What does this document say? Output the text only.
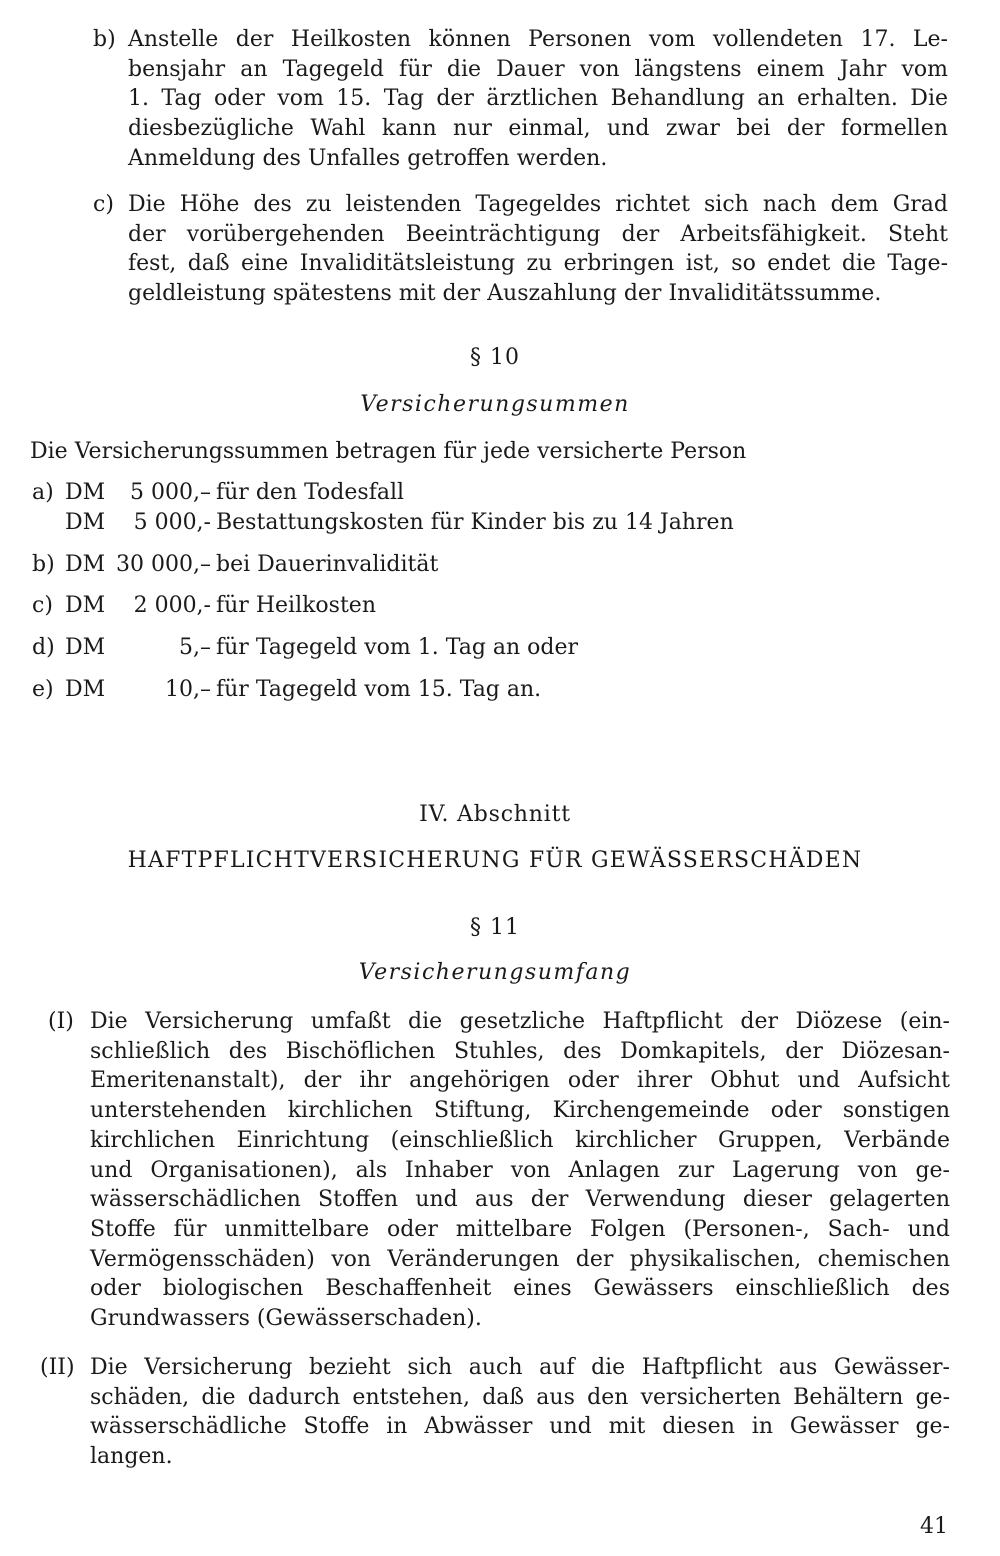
b) Anstelle der Heilkosten können Personen vom vollendeten 17. Le-
bensjahr an Tagegeld für die Dauer von längstens einem Jahr vom
1. Tag oder vom 15. Tag der ärztlichen Behandlung an erhalten. Die
diesbezügliche Wahl kann nur einmal, und zwar bei der formellen
Anmeldung des Unfalles getroffen werden.
c) Die Höhe des zu leistenden Tagegeldes richtet sich nach dem Grad
der vorübergehenden Beeinträchtigung der Arbeitsfähigkeit. Steht
fest, daß eine Invaliditätsleistung zu erbringen ist, so endet die Tage-
geldleistung spätestens mit der Auszahlung der Invaliditätssumme.
§ 10
Versicherungsummen
Die Versicherungssummen betragen für jede versicherte Person
a) DM	5 000,– für den Todesfall
DM	5 000,- Bestattungskosten für Kinder bis zu 14 Jahren
b) DM 30 000,– bei Dauerinvalidität
c) DM	2 000,- für Heilkosten
d) DM	5,– für Tagegeld vom 1. Tag an oder
e) DM	10,– für Tagegeld vom 15. Tag an.
IV. Abschnitt
HAFTPFLICHTVERSICHERUNG FÜR GEWÄSSERSCHÄDEN
§ 11
Versicherungsumfang
(I) Die Versicherung umfaßt die gesetzliche Haftpflicht der Diözese (ein-
schließlich des Bischöflichen Stuhles, des Domkapitels, der Diözesan-
Emeritenanstalt), der ihr angehörigen oder ihrer Obhut und Aufsicht
unterstehenden kirchlichen Stiftung, Kirchengemeinde oder sonstigen
kirchlichen Einrichtung (einschließlich kirchlicher Gruppen, Verbände
und Organisationen), als Inhaber von Anlagen zur Lagerung von ge-
wässerschädlichen Stoffen und aus der Verwendung dieser gelagerten
Stoffe für unmittelbare oder mittelbare Folgen (Personen-, Sach- und
Vermögensschäden) von Veränderungen der physikalischen, chemischen
oder biologischen Beschaffenheit eines Gewässers einschließlich des
Grundwassers (Gewässerschaden).
(II) Die Versicherung bezieht sich auch auf die Haftpflicht aus Gewässer-
schäden, die dadurch entstehen, daß aus den versicherten Behältern ge-
wässerschädliche Stoffe in Abwässer und mit diesen in Gewässer ge-
langen.
41
